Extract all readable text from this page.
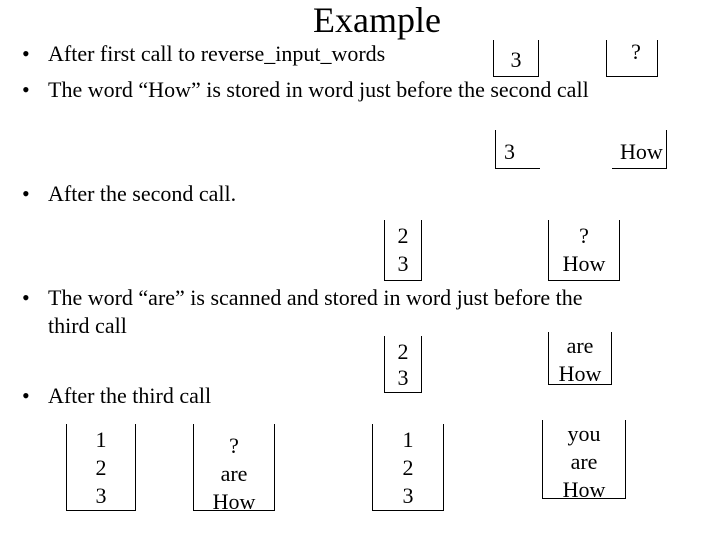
Example
• After first call to reverse_input_words	3	?
• The word “How” is stored in word just before the second call
3	How
• After the second call.
2
3
?
How
• The word “are” is scanned and stored in word just before the
third call
2
3
are
How
• After the third call
1
2
3
?
are
How
1
2
3
you
are
How
